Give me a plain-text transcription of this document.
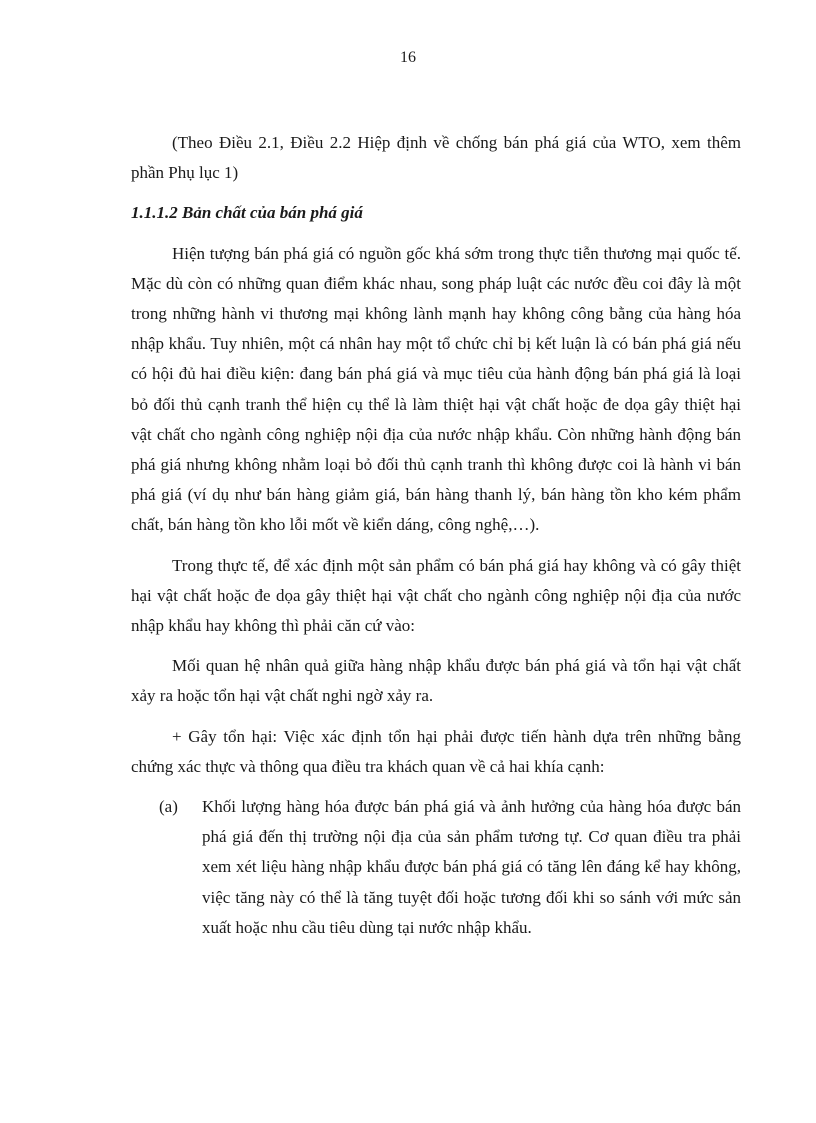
16

(Theo Điều 2.1, Điều 2.2 Hiệp định về chống bán phá giá của WTO, xem thêm phần Phụ lục 1)

1.1.1.2 Bản chất của bán phá giá

Hiện tượng bán phá giá có nguồn gốc khá sớm trong thực tiễn thương mại quốc tế. Mặc dù còn có những quan điểm khác nhau, song pháp luật các nước đều coi đây là một trong những hành vi thương mại không lành mạnh hay không công bằng của hàng hóa nhập khẩu. Tuy nhiên, một cá nhân hay một tổ chức chỉ bị kết luận là có bán phá giá nếu có hội đủ hai điều kiện: đang bán phá giá và mục tiêu của hành động bán phá giá là loại bỏ đối thủ cạnh tranh thể hiện cụ thể là làm thiệt hại vật chất hoặc đe dọa gây thiệt hại vật chất cho ngành công nghiệp nội địa của nước nhập khẩu. Còn những hành động bán phá giá nhưng không nhằm loại bỏ đối thủ cạnh tranh thì không được coi là hành vi bán phá giá (ví dụ như bán hàng giảm giá, bán hàng thanh lý, bán hàng tồn kho kém phẩm chất, bán hàng tồn kho lỗi mốt về kiển dáng, công nghệ,…).

Trong thực tế, để xác định một sản phẩm có bán phá giá hay không và có gây thiệt hại vật chất hoặc đe dọa gây thiệt hại vật chất cho ngành công nghiệp nội địa của nước nhập khẩu hay không thì phải căn cứ vào:

Mối quan hệ nhân quả giữa hàng nhập khẩu được bán phá giá và tổn hại vật chất xảy ra hoặc tổn hại vật chất nghi ngờ xảy ra.

+ Gây tổn hại: Việc xác định tổn hại phải được tiến hành dựa trên những bằng chứng xác thực và thông qua điều tra khách quan về cả hai khía cạnh:

(a)	Khối lượng hàng hóa được bán phá giá và ảnh hưởng của hàng hóa được bán phá giá đến thị trường nội địa của sản phẩm tương tự. Cơ quan điều tra phải xem xét liệu hàng nhập khẩu được bán phá giá có tăng lên đáng kể hay không, việc tăng này có thể là tăng tuyệt đối hoặc tương đối khi so sánh với mức sản xuất hoặc nhu cầu tiêu dùng tại nước nhập khẩu.
